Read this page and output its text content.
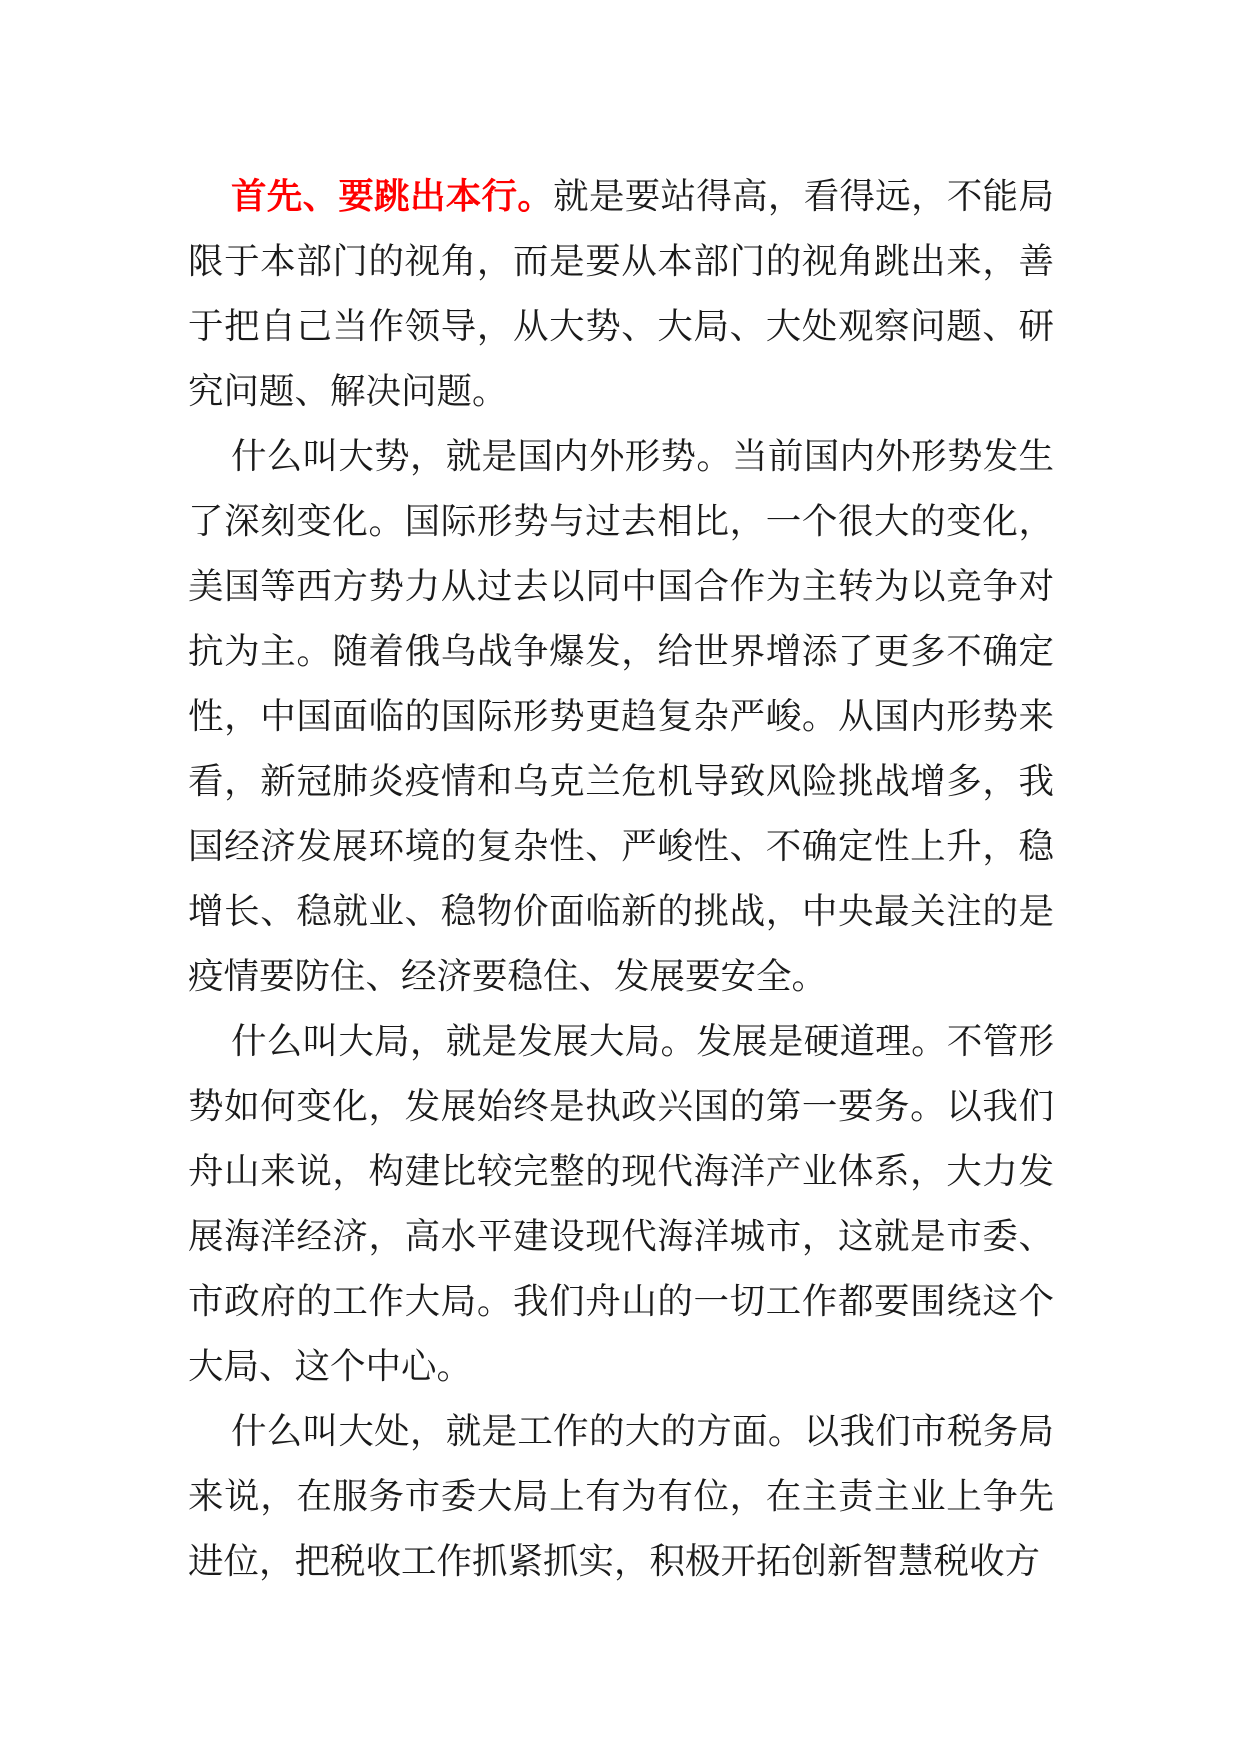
首先、要跳出本行。就是要站得高，看得远，不能局限于本部门的视角，而是要从本部门的视角跳出来，善于把自己当作领导，从大势、大局、大处观察问题、研究问题、解决问题。

什么叫大势，就是国内外形势。当前国内外形势发生了深刻变化。国际形势与过去相比，一个很大的变化，美国等西方势力从过去以同中国合作为主转为以竞争对抗为主。随着俄乌战争爆发，给世界增添了更多不确定性，中国面临的国际形势更趋复杂严峻。从国内形势来看，新冠肺炎疫情和乌克兰危机导致风险挑战增多，我国经济发展环境的复杂性、严峻性、不确定性上升，稳增长、稳就业、稳物价面临新的挑战，中央最关注的是疫情要防住、经济要稳住、发展要安全。

什么叫大局，就是发展大局。发展是硬道理。不管形势如何变化，发展始终是执政兴国的第一要务。以我们舟山来说，构建比较完整的现代海洋产业体系，大力发展海洋经济，高水平建设现代海洋城市，这就是市委、市政府的工作大局。我们舟山的一切工作都要围绕这个大局、这个中心。

什么叫大处，就是工作的大的方面。以我们市税务局来说，在服务市委大局上有为有位，在主责主业上争先进位，把税收工作抓紧抓实，积极开拓创新智慧税收方
